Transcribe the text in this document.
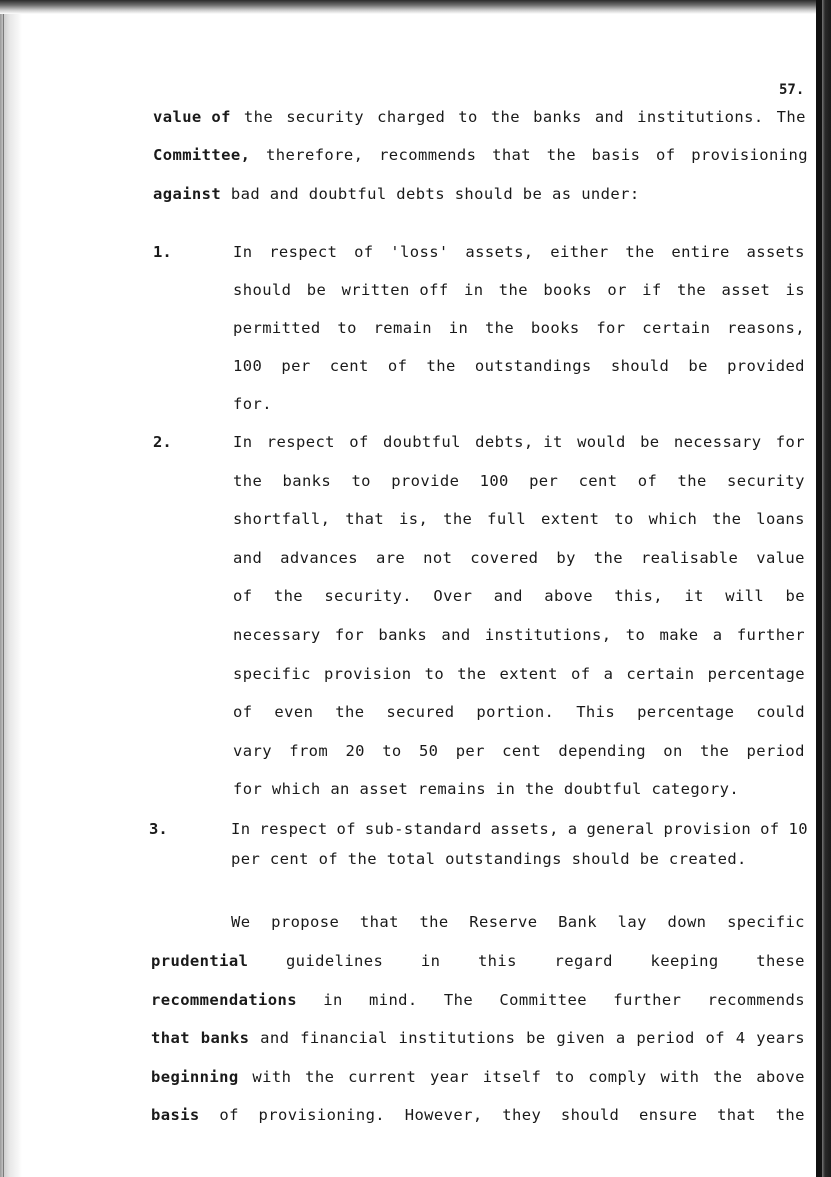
57.
value of the security charged to the banks and institutions. The
Committee, therefore, recommends that the basis of provisioning
against bad and doubtful debts should be as under:
1.	In respect of 'loss' assets, either the entire assets
should be written off in the books or if the asset is
permitted to remain in the books for certain reasons,
100 per cent of the outstandings should be provided
for.
2.	In respect of doubtful debts, it would be necessary for
the banks to provide 100 per cent of the security
shortfall, that is, the full extent to which the loans
and advances are not covered by the realisable value
of the security. Over and above this, it will be
necessary for banks and institutions, to make a further
specific provision to the extent of a certain percentage
of even the secured portion. This percentage could
vary from 20 to 50 per cent depending on the period
for which an asset remains in the doubtful category.
3.	In respect of sub-standard assets, a general provision of 10
per cent of the total outstandings should be created.
We propose that the Reserve Bank lay down specific
prudential guidelines in this regard keeping these
recommendations in mind. The Committee further recommends
that banks and financial institutions be given a period of 4 years
beginning with the current year itself to comply with the above
basis of provisioning. However, they should ensure that the
